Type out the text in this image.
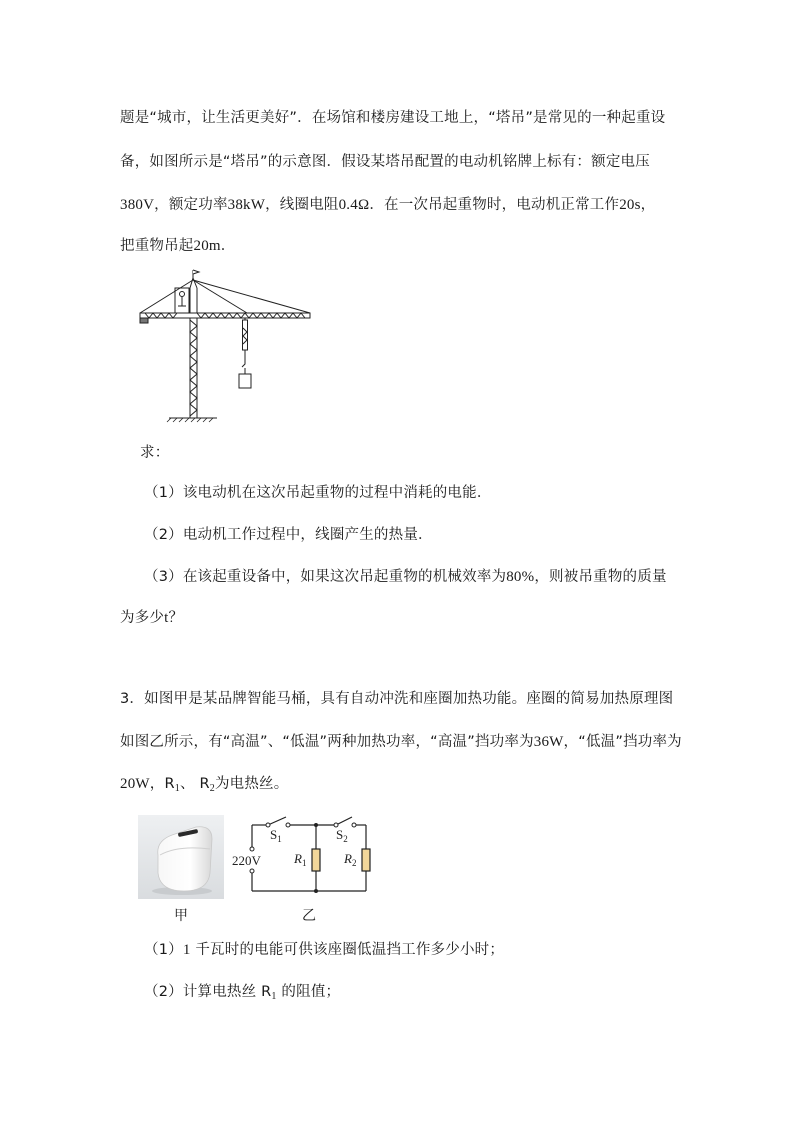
题是“城市，让生活更美好”．在场馆和楼房建设工地上，“塔吊”是常见的一种起重设
备，如图所示是“塔吊”的示意图．假设某塔吊配置的电动机铭牌上标有：额定电压
380V，额定功率38kW，线圈电阻0.4Ω．在一次吊起重物时，电动机正常工作20s，
把重物吊起20m．
求：
（1）该电动机在这次吊起重物的过程中消耗的电能．
（2）电动机工作过程中，线圈产生的热量．
（3）在该起重设备中，如果这次吊起重物的机械效率为80%，则被吊重物的质量
为多少t？
3．如图甲是某品牌智能马桶，具有自动冲洗和座圈加热功能。座圈的简易加热原理图
如图乙所示，有“高温”、“低温”两种加热功率，“高温”挡功率为36W，“低温”挡功率为
20W，$R_1$、 $R_2$为电热丝。
甲
$S_1$	$S_2$
220V	$R_1$	$R_2$
乙
（1）1 千瓦时的电能可供该座圈低温挡工作多少小时；
（2）计算电热丝 $R_1$ 的阻值；
